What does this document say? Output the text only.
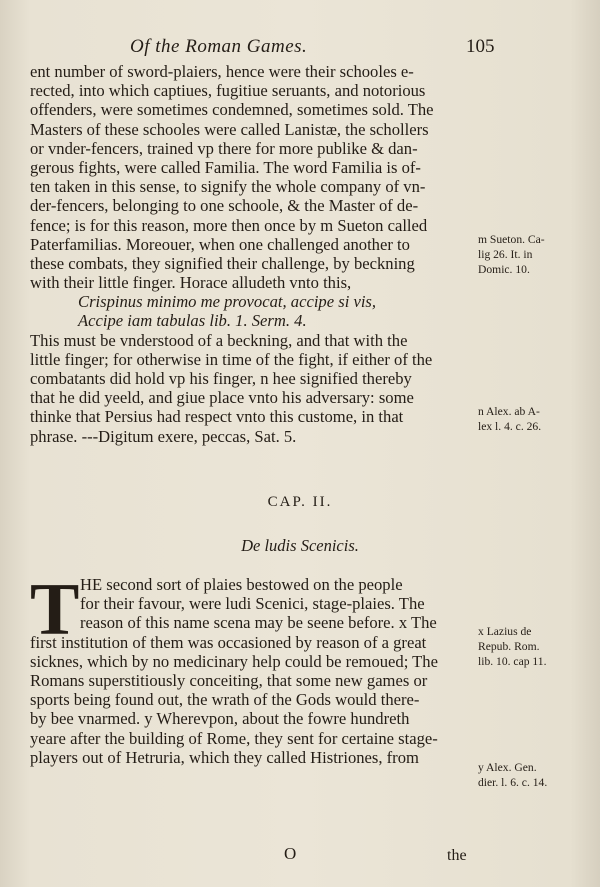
Of the Roman Games.	105
ent number of sword-plaiers, hence were their schooles e-
rected, into which captiues, fugitiue seruants, and notorious
offenders, were sometimes condemned, sometimes sold. The
Masters of these schooles were called Lanistæ, the schollers
or vnder-fencers, trained vp there for more publike & dan-
gerous fights, were called Familia. The word Familia is of-
ten taken in this sense, to signify the whole company of vn-
der-fencers, belonging to one schoole, & the Master of de-
fence; is for this reason, more then once by m Sueton called
Paterfamilias. Moreouer, when one challenged another to
these combats, they signified their challenge, by beckning
with their little finger. Horace alludeth vnto this,
Crispinus minimo me provocat, accipe si vis,
Accipe iam tabulas lib. 1. Serm. 4.
This must be vnderstood of a beckning, and that with the
little finger; for otherwise in time of the fight, if either of the
combatants did hold vp his finger, n hee signified thereby
that he did yeeld, and giue place vnto his adversary: some
thinke that Persius had respect vnto this custome, in that
phrase. ---Digitum exere, peccas, Sat. 5.
m Sueton. Ca-
lig 26. It. in
Domic. 10.
n Alex. ab A-
lex l. 4. c. 26.
x Lazius de
Repub. Rom.
lib. 10. cap 11.
y Alex. Gen.
dier. l. 6. c. 14.
CAP. II.
De ludis Scenicis.
T HE second sort of plaies bestowed on the people
for their favour, were ludi Scenici, stage-plaies. The
reason of this name scena may be seene before. x The
first institution of them was occasioned by reason of a great
sicknes, which by no medicinary help could be remoued; The
Romans superstitiously conceiting, that some new games or
sports being found out, the wrath of the Gods would there-
by bee vnarmed. y Wherevpon, about the fowre hundreth
yeare after the building of Rome, they sent for certaine stage-
players out of Hetruria, which they called Histriones, from
O	the
